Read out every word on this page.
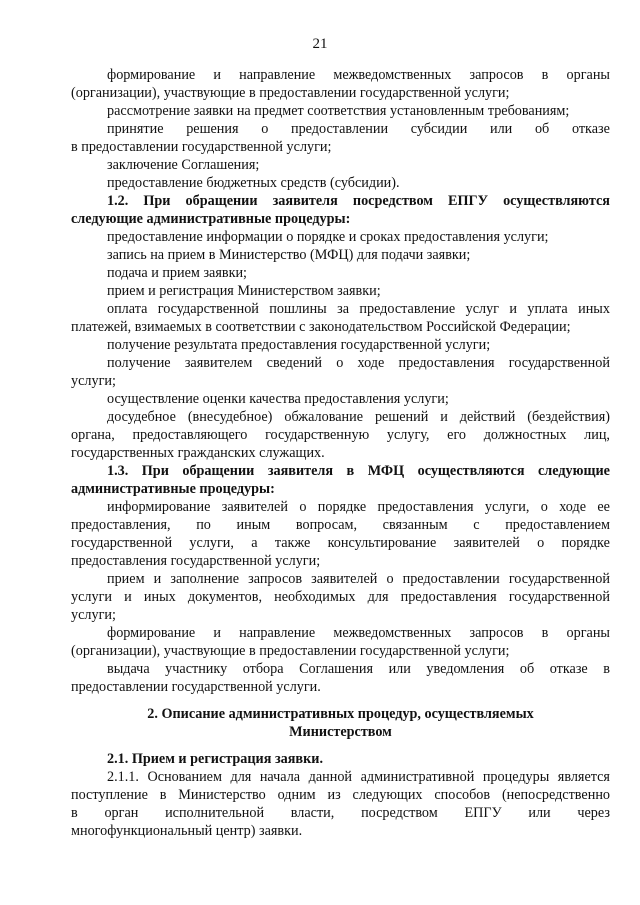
21
формирование и направление межведомственных запросов в органы
(организации), участвующие в предоставлении государственной услуги;
рассмотрение заявки на предмет соответствия установленным требованиям;
принятие решения о предоставлении субсидии или об отказе
в предоставлении государственной услуги;
заключение Соглашения;
предоставление бюджетных средств (субсидии).
1.2. При обращении заявителя посредством ЕПГУ осуществляются
следующие административные процедуры:
предоставление информации о порядке и сроках предоставления услуги;
запись на прием в Министерство (МФЦ) для подачи заявки;
подача и прием заявки;
прием и регистрация Министерством заявки;
оплата государственной пошлины за предоставление услуг и уплата иных
платежей, взимаемых в соответствии с законодательством Российской Федерации;
получение результата предоставления государственной услуги;
получение заявителем сведений о ходе предоставления государственной
услуги;
осуществление оценки качества предоставления услуги;
досудебное (внесудебное) обжалование решений и действий (бездействия)
органа, предоставляющего государственную услугу, его должностных лиц,
государственных гражданских служащих.
1.3. При обращении заявителя в МФЦ осуществляются следующие
административные процедуры:
информирование заявителей о порядке предоставления услуги, о ходе ее
предоставления, по иным вопросам, связанным с предоставлением
государственной услуги, а также консультирование заявителей о порядке
предоставления государственной услуги;
прием и заполнение запросов заявителей о предоставлении государственной
услуги и иных документов, необходимых для предоставления государственной
услуги;
формирование и направление межведомственных запросов в органы
(организации), участвующие в предоставлении государственной услуги;
выдача участнику отбора Соглашения или уведомления об отказе в
предоставлении государственной услуги.
2. Описание административных процедур, осуществляемых
Министерством
2.1. Прием и регистрация заявки.
2.1.1. Основанием для начала данной административной процедуры является
поступление в Министерство одним из следующих способов (непосредственно
в орган исполнительной власти, посредством ЕПГУ или через
многофункциональный центр) заявки.
